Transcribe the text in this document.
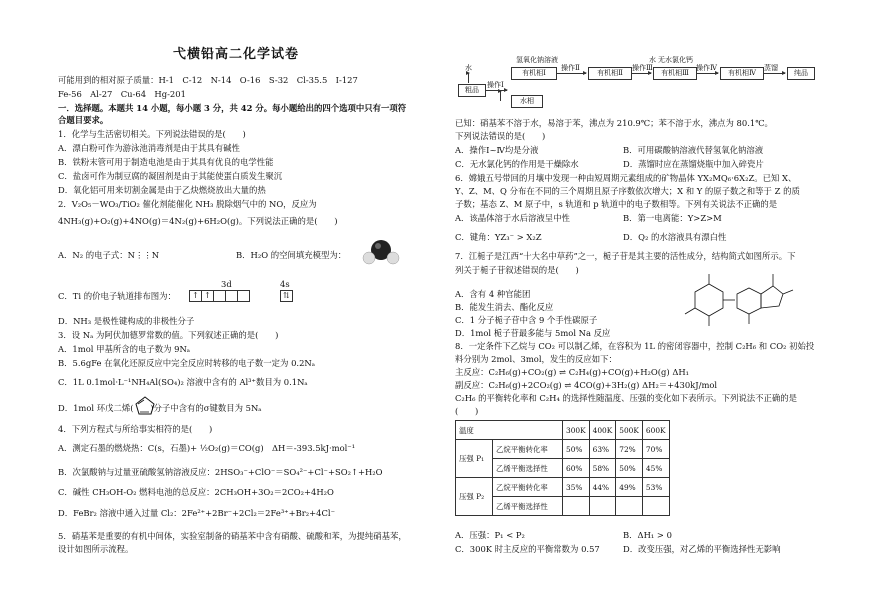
弋横铅高二化学试卷
可能用到的相对原子质量：H-1　C-12　N-14　O-16　S-32　Cl-35.5　I-127
Fe-56　Al-27　Cu-64　Hg-201
一．选择题。本题共 14 小题，每小题 3 分，共 42 分。每小题给出的四个选项中只有一项符
合题目要求。
1．化学与生活密切相关。下列说法错误的是(　　)
A．漂白粉可作为游泳池消毒剂是由于其具有碱性
B．铁粉末管可用于制造电池是由于其具有优良的电学性能
C．盐卤可作为制豆腐的凝固剂是由于其能使蛋白质发生聚沉
D．氧化铝可用来切割金属是由于乙炔燃烧放出大量的热
2．V₂O₅－WO₃/TiO₂ 催化剂能催化 NH₃ 脱除烟气中的 NO，反应为
4NH₃(g)+O₂(g)+4NO(g)＝4N₂(g)+6H₂O(g)。下列说法正确的是(　　)
A．N₂ 的电子式：N⋮⋮N	B．H₂O 的空间填充模型为：
C．Ti 的价电子轨道排布图为：
3d	4s
↑ ↑	⇅
D．NH₃ 是极性键构成的非极性分子
3．设 Nₐ 为阿伏加德罗常数的值。下列叙述正确的是(　　)
A．1mol 甲基所含的电子数为 9Nₐ
B．5.6gFe 在氧化还原反应中完全反应时转移的电子数一定为 0.2Nₐ
C．1L 0.1mol·L⁻¹NH₄Al(SO₄)₂ 溶液中含有的 Al³⁺数目为 0.1Nₐ
D．1mol 环戊二烯(　　)分子中含有的σ键数目为 5Nₐ
4．下列方程式与所给事实相符的是(　　)
A．测定石墨的燃烧热：C(s，石墨)+ ½O₂(g)＝CO(g)　ΔH＝-393.5kJ·mol⁻¹
B．次氯酸钠与过量亚硫酸氢钠溶液反应：2HSO₃⁻+ClO⁻＝SO₄²⁻+Cl⁻+SO₂↑+H₂O
C．碱性 CH₃OH-O₂ 燃料电池的总反应：2CH₃OH+3O₂＝2CO₂+4H₂O
D．FeBr₂ 溶液中通入过量 Cl₂：2Fe²⁺+2Br⁻+2Cl₂＝2Fe³⁺+Br₂+4Cl⁻
5．硝基苯是重要的有机中间体，实验室制备的硝基苯中含有硝酸、硫酸和苯，为提纯硝基苯，
设计如图所示流程。
水
粗品
操作Ⅰ
氢氧化钠溶液
有机相Ⅰ
操作Ⅱ
有机相Ⅱ
水
操作Ⅲ
有机相Ⅲ
无水氯化钙
操作Ⅳ
有机相Ⅳ
蒸馏
纯品
水相
已知：硝基苯不溶于水，易溶于苯，沸点为 210.9℃；苯不溶于水，沸点为 80.1℃。
下列说法错误的是(　　)
A．操作Ⅰ~Ⅳ均是分液	B．可用碳酸钠溶液代替氢氧化钠溶液
C．无水氯化钙的作用是干燥除水	D．蒸馏时应在蒸馏烧瓶中加入碎瓷片
6．嫦娥五号带回的月壤中发现一种由短周期元素组成的矿物晶体 YX₂MQ₆·6X₂Z。已知 X、
Y、Z、M、Q 分布在不同的三个周期且原子序数依次增大；X 和 Y 的原子数之和等于 Z 的质
子数；基态 Z、M 原子中，s 轨道和 p 轨道中的电子数相等。下列有关说法不正确的是
A．该晶体溶于水后溶液呈中性	B．第一电离能：Y>Z>M
C．键角：YZ₃⁻ > X₂Z	D．Q₂ 的水溶液具有漂白性
7．江栀子是江西“十大名中草药”之一，栀子苷是其主要的活性成分，结构简式如图所示。下
列关于栀子苷叙述错误的是(　　)
A．含有 4 种官能团
B．能发生消去、酯化反应
C．1 分子栀子苷中含 9 个手性碳原子
D．1mol 栀子苷最多能与 5mol Na 反应
8．一定条件下乙烷与 CO₂ 可以制乙烯，在容积为 1L 的密闭容器中，控制 C₂H₆ 和 CO₂ 初始投
料分别为 2mol、3mol，发生的反应如下：
主反应：C₂H₆(g)+CO₂(g) ⇌ C₂H₄(g)+CO(g)+H₂O(g) ΔH₁
副反应：C₂H₆(g)+2CO₂(g) ⇌ 4CO(g)+3H₂(g) ΔH₂＝+430kJ/mol
C₂H₆ 的平衡转化率和 C₂H₄ 的选择性随温度、压强的变化如下表所示。下列说法不正确的是
(　　)
温度		300K	400K	500K	600K
压强 P₁	乙烷平衡转化率	50%	63%	72%	70%
	乙烯平衡选择性	60%	58%	50%	45%
压强 P₂	乙烷平衡转化率	35%	44%	49%	53%
	乙烯平衡选择性				
A．压强：P₁ < P₂	B．ΔH₁ > 0
C．300K 时主反应的平衡常数为 0.57	D．改变压强，对乙烯的平衡选择性无影响
